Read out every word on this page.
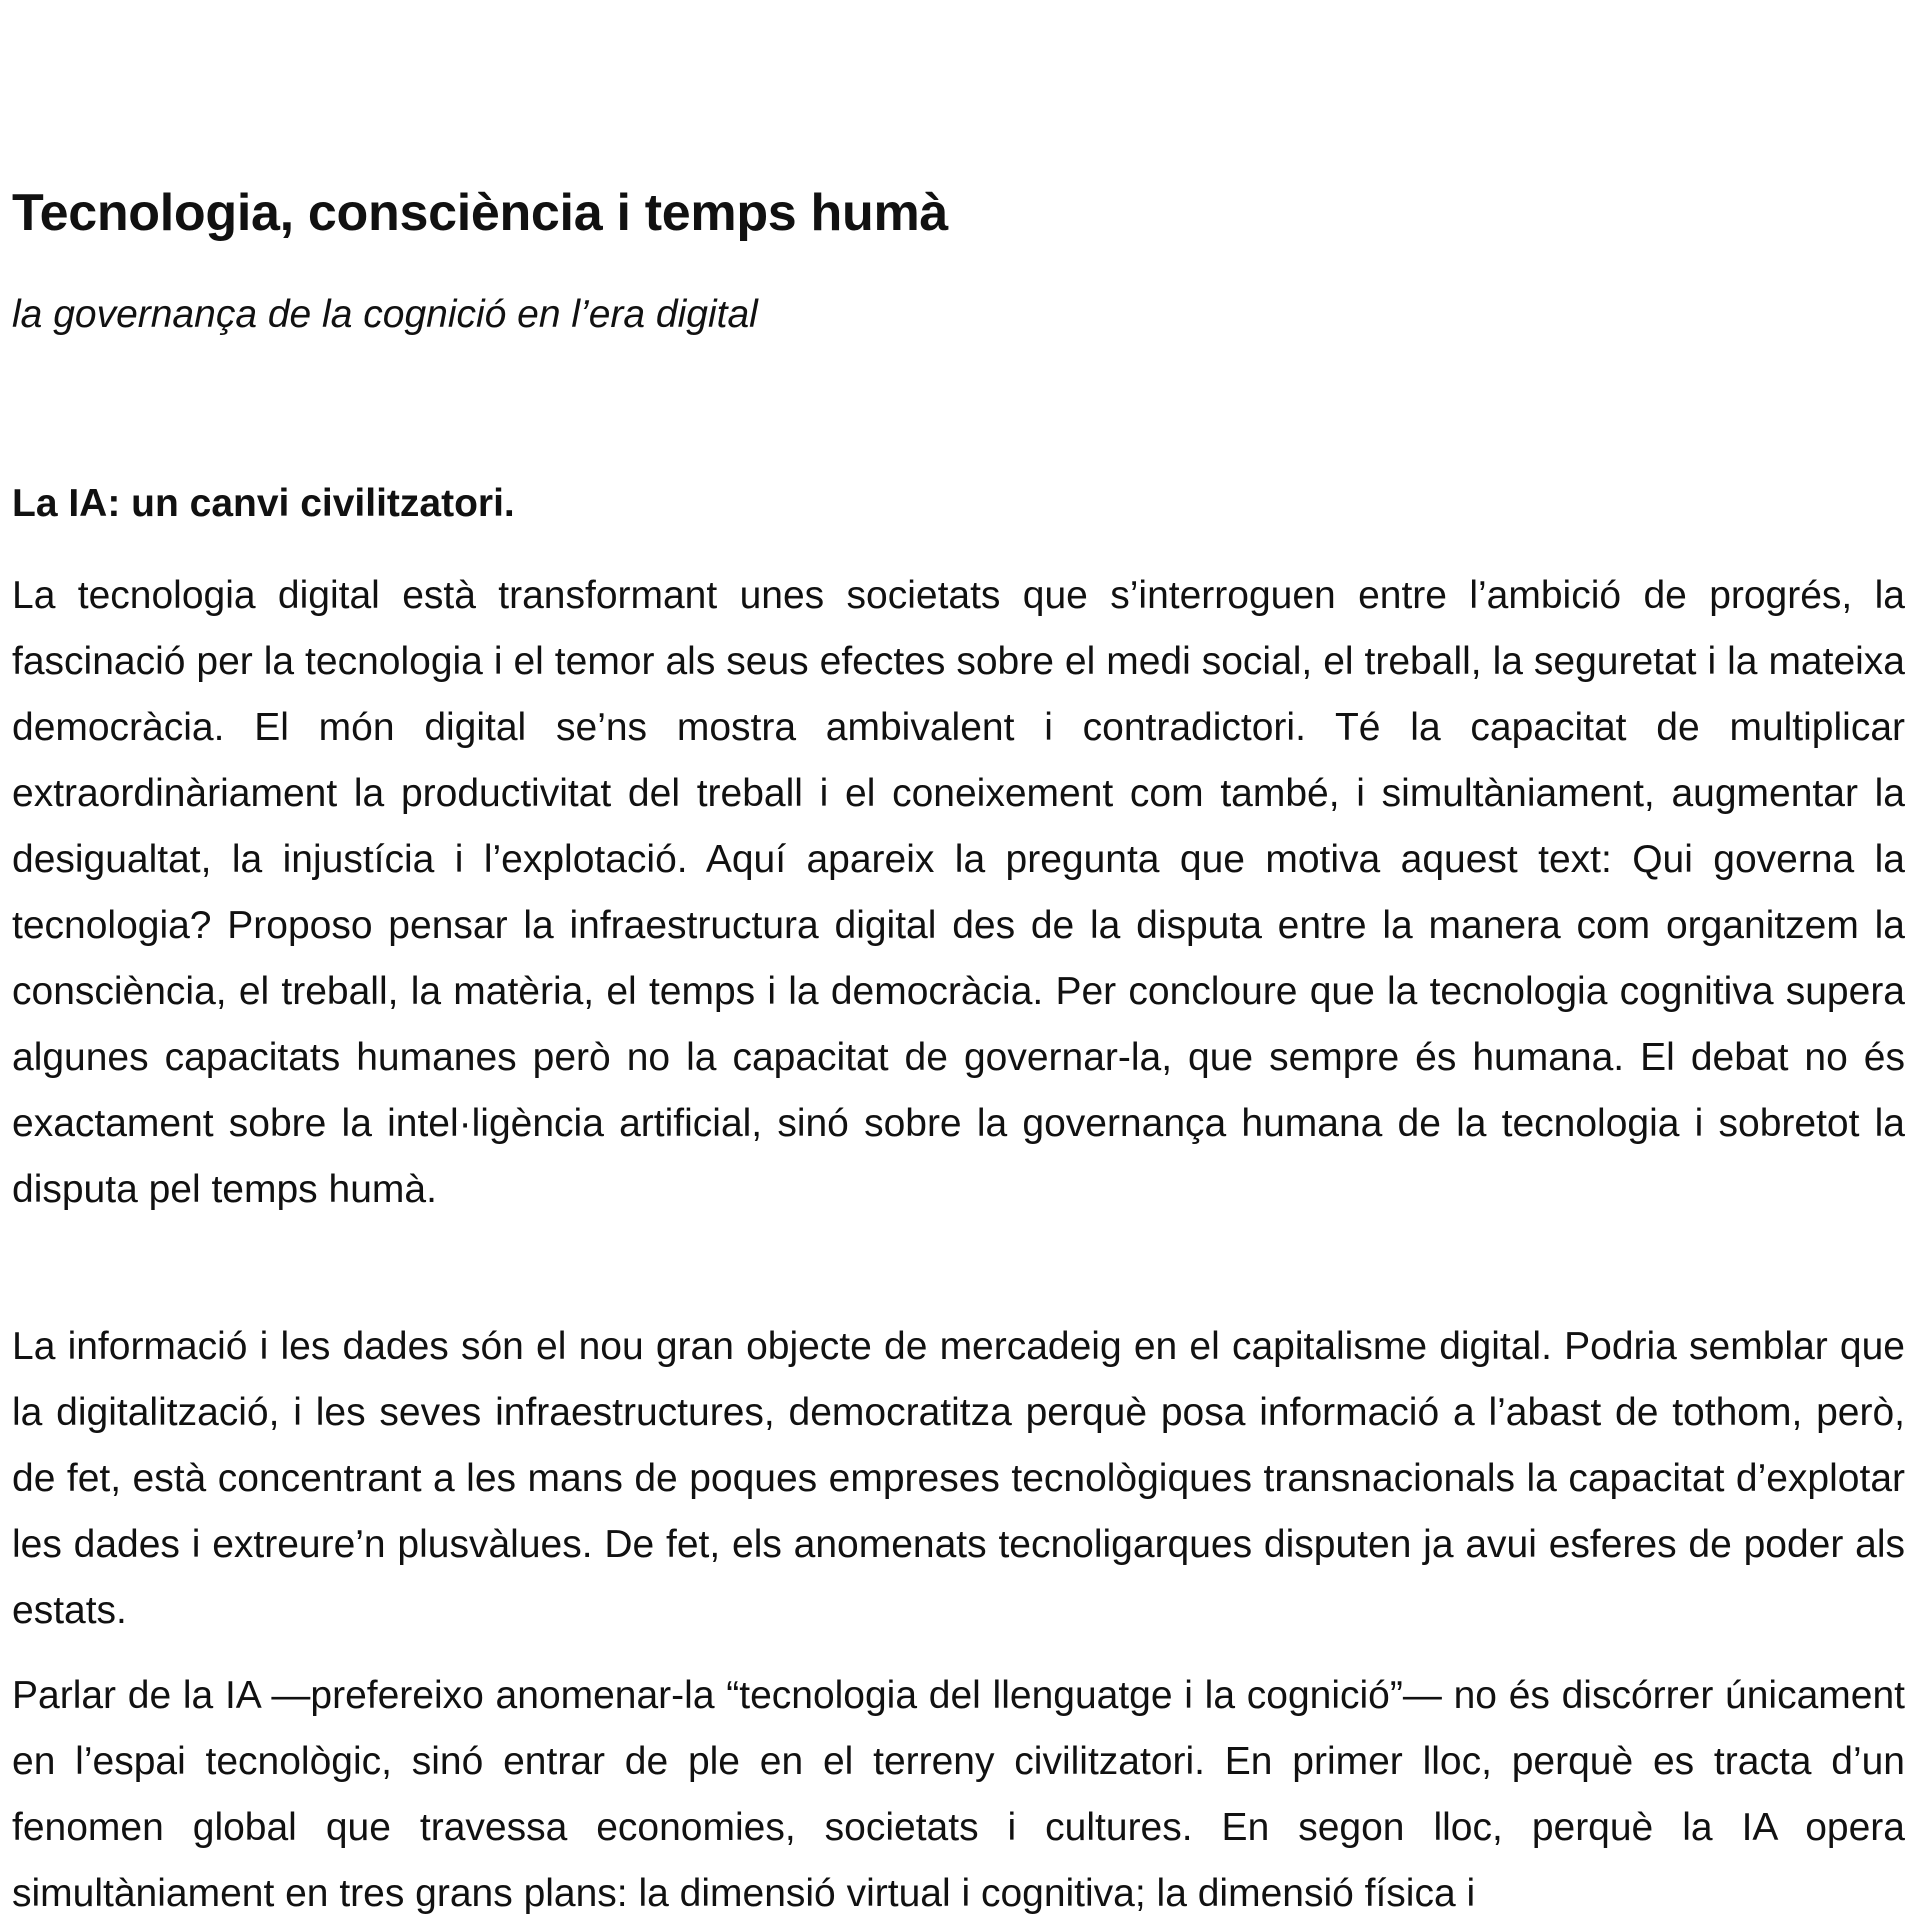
Tecnologia, consciència i temps humà

la governança de la cognició en l’era digital

La IA: un canvi civilitzatori.

La tecnologia digital està transformant unes societats que s’interroguen entre l’ambició de progrés, la fascinació per la tecnologia i el temor als seus efectes sobre el medi social, el treball, la seguretat i la mateixa democràcia. El món digital se’ns mostra ambivalent i contradictori. Té la capacitat de multiplicar extraordinàriament la productivitat del treball i el coneixement com també, i simultàniament, augmentar la desigualtat, la injustícia i l’explotació. Aquí apareix la pregunta que motiva aquest text: Qui governa la tecnologia? Proposo pensar la infraestructura digital des de la disputa entre la manera com organitzem la consciència, el treball, la matèria, el temps i la democràcia. Per concloure que la tecnologia cognitiva supera algunes capacitats humanes però no la capacitat de governar-la, que sempre és humana. El debat no és exactament sobre la intel·ligència artificial, sinó sobre la governança humana de la tecnologia i sobretot la disputa pel temps humà.

La informació i les dades són el nou gran objecte de mercadeig en el capitalisme digital. Podria semblar que la digitalització, i les seves infraestructures, democratitza perquè posa informació a l’abast de tothom, però, de fet, està concentrant a les mans de poques empreses tecnològiques transnacionals la capacitat d’explotar les dades i extreure’n plusvàlues. De fet, els anomenats tecnoligarques disputen ja avui esferes de poder als estats.

Parlar de la IA —prefereixo anomenar-la “tecnologia del llenguatge i la cognició”— no és discórrer únicament en l’espai tecnològic, sinó entrar de ple en el terreny civilitzatori. En primer lloc, perquè es tracta d’un fenomen global que travessa economies, societats i cultures. En segon lloc, perquè la IA opera simultàniament en tres grans plans: la dimensió virtual i cognitiva; la dimensió física i
